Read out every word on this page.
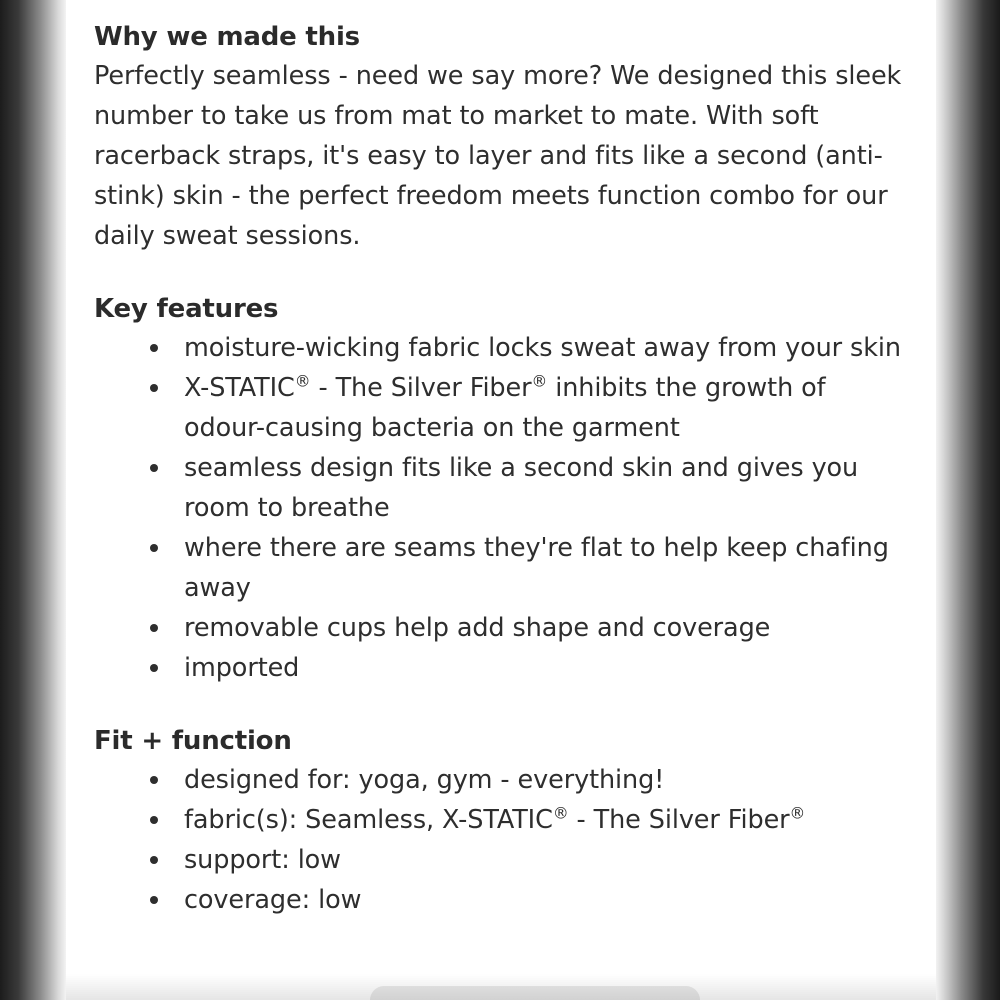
Why we made this

Perfectly seamless - need we say more? We designed this sleek number to take us from mat to market to mate. With soft racerback straps, it's easy to layer and fits like a second (anti-stink) skin - the perfect freedom meets function combo for our daily sweat sessions.

Key features
moisture-wicking fabric locks sweat away from your skin
X-STATIC® - The Silver Fiber® inhibits the growth of odour-causing bacteria on the garment
seamless design fits like a second skin and gives you room to breathe
where there are seams they're flat to help keep chafing away
removable cups help add shape and coverage
imported
Fit + function
designed for: yoga, gym - everything!
fabric(s): Seamless, X-STATIC® - The Silver Fiber®
support: low
coverage: low
